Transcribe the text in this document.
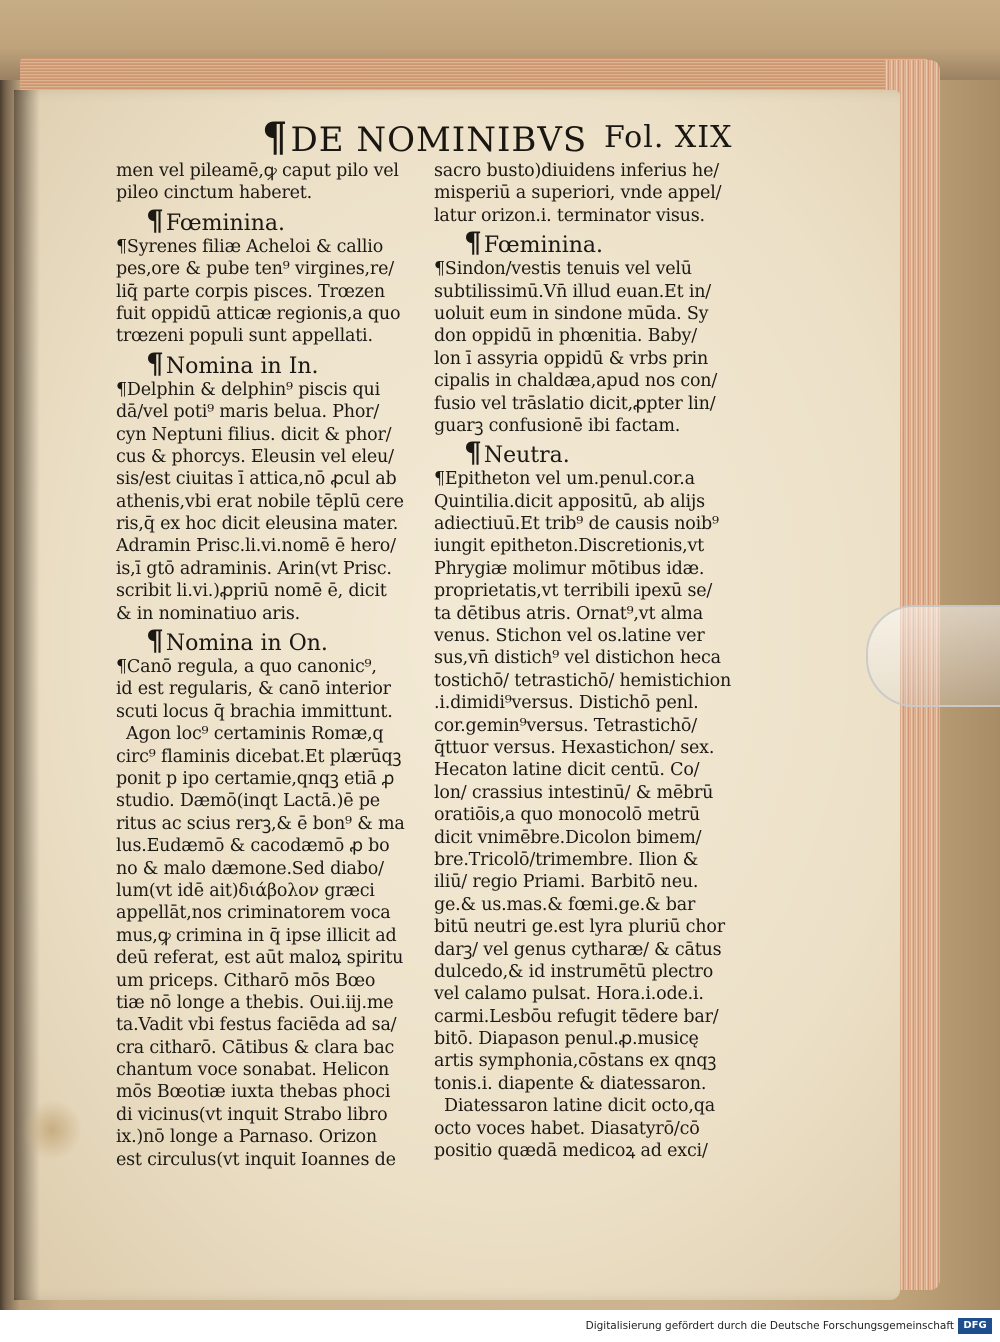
¶DE NOMINIBVS Fol. XIX
men vel pileamē,ꝙ caput pilo vel
pileo cinctum haberet.
¶Fœminina.
¶Syrenes filiæ Acheloi & callio
pes,ore & pube ten⁹ virgines,re/
liq̄ parte corpis pisces. Trœzen
fuit oppidū atticæ regionis,a quo
trœzeni populi sunt appellati.
¶Nomina in In.
¶Delphin & delphin⁹ piscis qui
dā/vel poti⁹ maris belua. Phor/
cyn Neptuni filius. dicit̄ & phor/
cus & phorcys. Eleusin vel eleu/
sis/est ciuitas ī attica,nō ꝓcul ab
athenis,vbi erat nobile tēplū cere
ris,q̄ ex hoc dicit̄ eleusina mater.
Adramin Prisc.li.vi.nomē ē hero/
is,ī gtō adraminis. Arin(vt Prisc.
scribit li.vi.)ꝓpriū nomē ē, dicit̄
& in nominatiuo aris.
¶Nomina in On.
¶Canō regula, a quo canonic⁹,
id est regularis, & canō interior
scuti locus q̄ brachia immittunt.
Agon loc⁹ certaminis Romæ,q
circ⁹ flaminis dicebat̄.Et plærūqꝫ
ponit̄ p ipo certamie,qnqꝫ etiā ꝓ
studio. Dæmō(inqt Lactā.)ē pe
ritus ac scius rerꝫ,& ē bon⁹ & ma
lus.Eudæmō & cacodæmō ꝓ bo
no & malo dæmone.Sed diabo/
lum(vt idē ait)διάβολον græci
appellāt,nos criminatorem voca
mus,ꝙ crimina in q̄ ipse illicit ad
deū referat, est aūt maloꝝ spiritu
um priceps. Citharō mōs Bœo
tiæ nō longe a thebis. Oui.iij.me
ta.Vadit vbi festus faciēda ad sa/
cra citharō. Cātibus & clara bac
chantum voce sonabat. Helicon
mōs Bœotiæ iuxta thebas phoci
di vicinus(vt inquit Strabo libro
ix.)nō longe a Parnaso. Orizon
est circulus(vt inquit Ioannes de
sacro busto)diuidens inferius he/
misperiū a superiori, vnde appel/
latur orizon.i. terminator visus.
¶Fœminina.
¶Sindon/vestis tenuis vel velū
subtilissimū.Vn̄ illud euan.Et in/
uoluit eum in sindone mūda. Sy
don oppidū in phœnitia. Baby/
lon ī assyria oppidū & vrbs prin
cipalis in chaldæa,apud nos con/
fusio vel trāslatio dicit̄,ꝓpter lin/
guarꝫ confusionē ibi factam.
¶Neutra.
¶Epitheton vel um.penul.cor.a
Quintilia.dicit̄ appositū, ab alijs
adiectiuū.Et trib⁹ de causis noib⁹
iungit̄ epitheton.Discretionis,vt
Phrygiæ molimur mōtibus idæ.
proprietatis,vt terribili ipexū se/
ta dētibus atris. Ornat⁹,vt alma
venus. Stichon vel os.latine ver
sus,vn̄ distich⁹ vel distichon heca
tostichō/ tetrastichō/ hemistichion
.i.dimidi⁹versus. Distichō penl.
cor.gemin⁹versus. Tetrastichō/
q̄ttuor versus. Hexastichon/ sex.
Hecaton latine dicit̄ centū. Co/
lon/ crassius intestinū/ & mēbrū
oratiōis,a quo monocolō metrū
dicit̄ vnimēbre.Dicolon bimem/
bre.Tricolō/trimembre. Ilion &
iliū/ regio Priami. Barbitō neu.
ge.& us.mas.& fœmi.ge.& bar
bitū neutri ge.est lyra pluriū chor
darꝫ/ vel genus cytharæ/ & cātus
dulcedo,& id instrumētū plectro
vel calamo pulsat̄. Hora.i.ode.i.
carmi.Lesbōu refugit tēdere bar/
bitō. Diapason penul.ꝓ.musicę
artis symphonia,cōstans ex qnqꝫ
tonis.i. diapente & diatessaron.
Diatessaron latine dicit̄ octo,qa
octo voces habet. Diasatyrō/cō
positio quædā medicoꝝ ad exci/
Digitalisierung gefördert durch die Deutsche Forschungsgemeinschaft DFG
